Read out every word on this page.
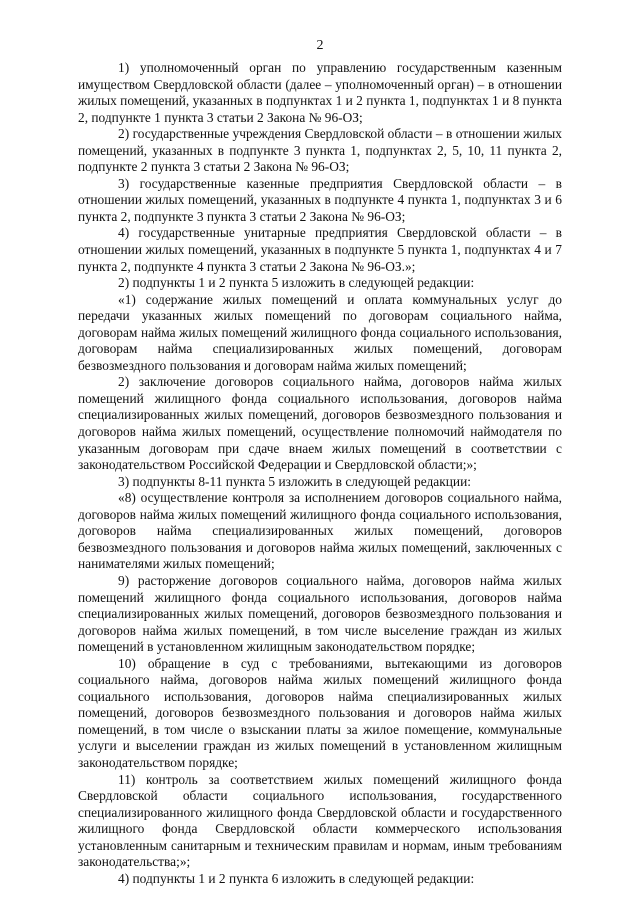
2

1) уполномоченный орган по управлению государственным казенным имуществом Свердловской области (далее – уполномоченный орган) – в отношении жилых помещений, указанных в подпунктах 1 и 2 пункта 1, подпунктах 1 и 8 пункта 2, подпункте 1 пункта 3 статьи 2 Закона № 96-ОЗ;

2) государственные учреждения Свердловской области – в отношении жилых помещений, указанных в подпункте 3 пункта 1, подпунктах 2, 5, 10, 11 пункта 2, подпункте 2 пункта 3 статьи 2 Закона № 96-ОЗ;

3) государственные казенные предприятия Свердловской области – в отношении жилых помещений, указанных в подпункте 4 пункта 1, подпунктах 3 и 6 пункта 2, подпункте 3 пункта 3 статьи 2 Закона № 96-ОЗ;

4) государственные унитарные предприятия Свердловской области – в отношении жилых помещений, указанных в подпункте 5 пункта 1, подпунктах 4 и 7 пункта 2, подпункте 4 пункта 3 статьи 2 Закона № 96-ОЗ.»;

2) подпункты 1 и 2 пункта 5 изложить в следующей редакции:

«1) содержание жилых помещений и оплата коммунальных услуг до передачи указанных жилых помещений по договорам социального найма, договорам найма жилых помещений жилищного фонда социального использования, договорам найма специализированных жилых помещений, договорам безвозмездного пользования и договорам найма жилых помещений;

2) заключение договоров социального найма, договоров найма жилых помещений жилищного фонда социального использования, договоров найма специализированных жилых помещений, договоров безвозмездного пользования и договоров найма жилых помещений, осуществление полномочий наймодателя по указанным договорам при сдаче внаем жилых помещений в соответствии с законодательством Российской Федерации и Свердловской области;»;

3) подпункты 8-11 пункта 5 изложить в следующей редакции:

«8) осуществление контроля за исполнением договоров социального найма, договоров найма жилых помещений жилищного фонда социального использования, договоров найма специализированных жилых помещений, договоров безвозмездного пользования и договоров найма жилых помещений, заключенных с нанимателями жилых помещений;

9) расторжение договоров социального найма, договоров найма жилых помещений жилищного фонда социального использования, договоров найма специализированных жилых помещений, договоров безвозмездного пользования и договоров найма жилых помещений, в том числе выселение граждан из жилых помещений в установленном жилищным законодательством порядке;

10) обращение в суд с требованиями, вытекающими из договоров социального найма, договоров найма жилых помещений жилищного фонда социального использования, договоров найма специализированных жилых помещений, договоров безвозмездного пользования и договоров найма жилых помещений, в том числе о взыскании платы за жилое помещение, коммунальные услуги и выселении граждан из жилых помещений в установленном жилищным законодательством порядке;

11) контроль за соответствием жилых помещений жилищного фонда Свердловской области социального использования, государственного специализированного жилищного фонда Свердловской области и государственного жилищного фонда Свердловской области коммерческого использования установленным санитарным и техническим правилам и нормам, иным требованиям законодательства;»;

4) подпункты 1 и 2 пункта 6 изложить в следующей редакции:
